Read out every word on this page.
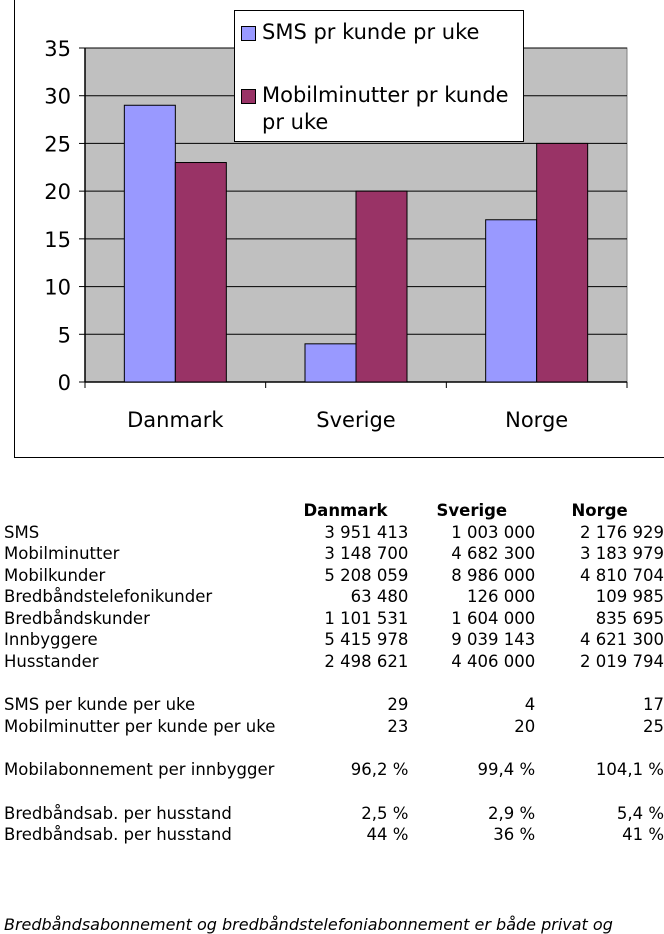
0
5
10
15
20
25
30
35
Danmark	Sverige	Norge
SMS pr kunde pr uke
Mobilminutter pr kunde pr uke
	Danmark	Sverige	Norge
SMS	3 951 413	1 003 000	2 176 929
Mobilminutter	3 148 700	4 682 300	3 183 979
Mobilkunder	5 208 059	8 986 000	4 810 704
Bredbåndstelefonikunder	63 480	126 000	109 985
Bredbåndskunder	1 101 531	1 604 000	835 695
Innbyggere	5 415 978	9 039 143	4 621 300
Husstander	2 498 621	4 406 000	2 019 794

SMS per kunde per uke	29	4	17
Mobilminutter per kunde per uke	23	20	25

Mobilabonnement per innbygger	96,2 %	99,4 %	104,1 %

Bredbåndsab. per husstand	2,5 %	2,9 %	5,4 %
Bredbåndsab. per husstand	44 %	36 %	41 %
Bredbåndsabonnement og bredbåndstelefoniabonnement er både privat og
